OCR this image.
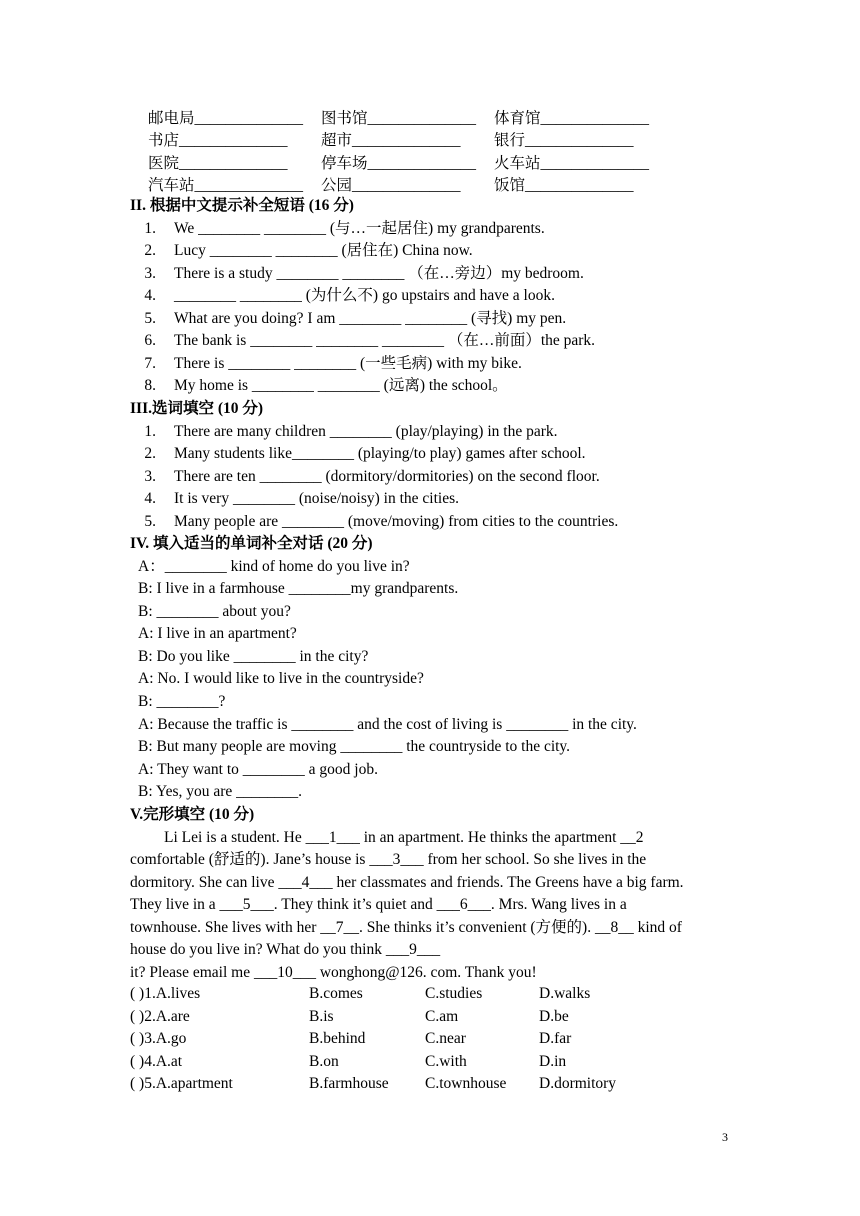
邮电局______________ 图书馆______________ 体育馆______________
书店______________ 超市______________ 银行______________
医院______________ 停车场______________ 火车站______________
汽车站______________ 公园______________ 饭馆______________
II. 根据中文提示补全短语 (16 分)
1. We ________ ________ (与…一起居住) my grandparents.
2. Lucy ________ ________ (居住在) China now.
3. There is a study ________ ________ （在…旁边）my bedroom.
4. ________ ________ (为什么不) go upstairs and have a look.
5. What are you doing? I am ________ ________ (寻找) my pen.
6. The bank is ________ ________ ________ （在…前面）the park.
7. There is ________ ________ (一些毛病) with my bike.
8. My home is ________ ________ (远离) the school。
III.选词填空 (10 分)
1. There are many children ________ (play/playing) in the park.
2. Many students like________ (playing/to play) games after school.
3. There are ten ________ (dormitory/dormitories) on the second floor.
4. It is very ________ (noise/noisy) in the cities.
5. Many people are ________ (move/moving) from cities to the countries.
IV. 填入适当的单词补全对话 (20 分)
A：________ kind of home do you live in?
B: I live in a farmhouse ________my grandparents.
B: ________ about you?
A: I live in an apartment?
B: Do you like ________ in the city?
A: No. I would like to live in the countryside?
B: ________?
A: Because the traffic is ________ and the cost of living is ________ in the city.
B: But many people are moving ________ the countryside to the city.
A: They want to ________ a good job.
B: Yes, you are ________.
V.完形填空 (10 分)
Li Lei is a student. He ___1___ in an apartment. He thinks the apartment __2
comfortable (舒适的). Jane’s house is ___3___ from her school. So she lives in the
dormitory. She can live ___4___ her classmates and friends. The Greens have a big farm.
They live in a ___5___. They think it’s quiet and ___6___. Mrs. Wang lives in a
townhouse. She lives with her __7__. She thinks it’s convenient (方便的). __8__ kind of
house do you live in? What do you think ___9___
it? Please email me ___10___ wonghong@126. com. Thank you!
( )1.A.lives	B.comes	C.studies	D.walks
( )2.A.are	B.is	C.am	D.be
( )3.A.go	B.behind	C.near	D.far
( )4.A.at	B.on	C.with	D.in
( )5.A.apartment	B.farmhouse C.townhouse D.dormitory
3
